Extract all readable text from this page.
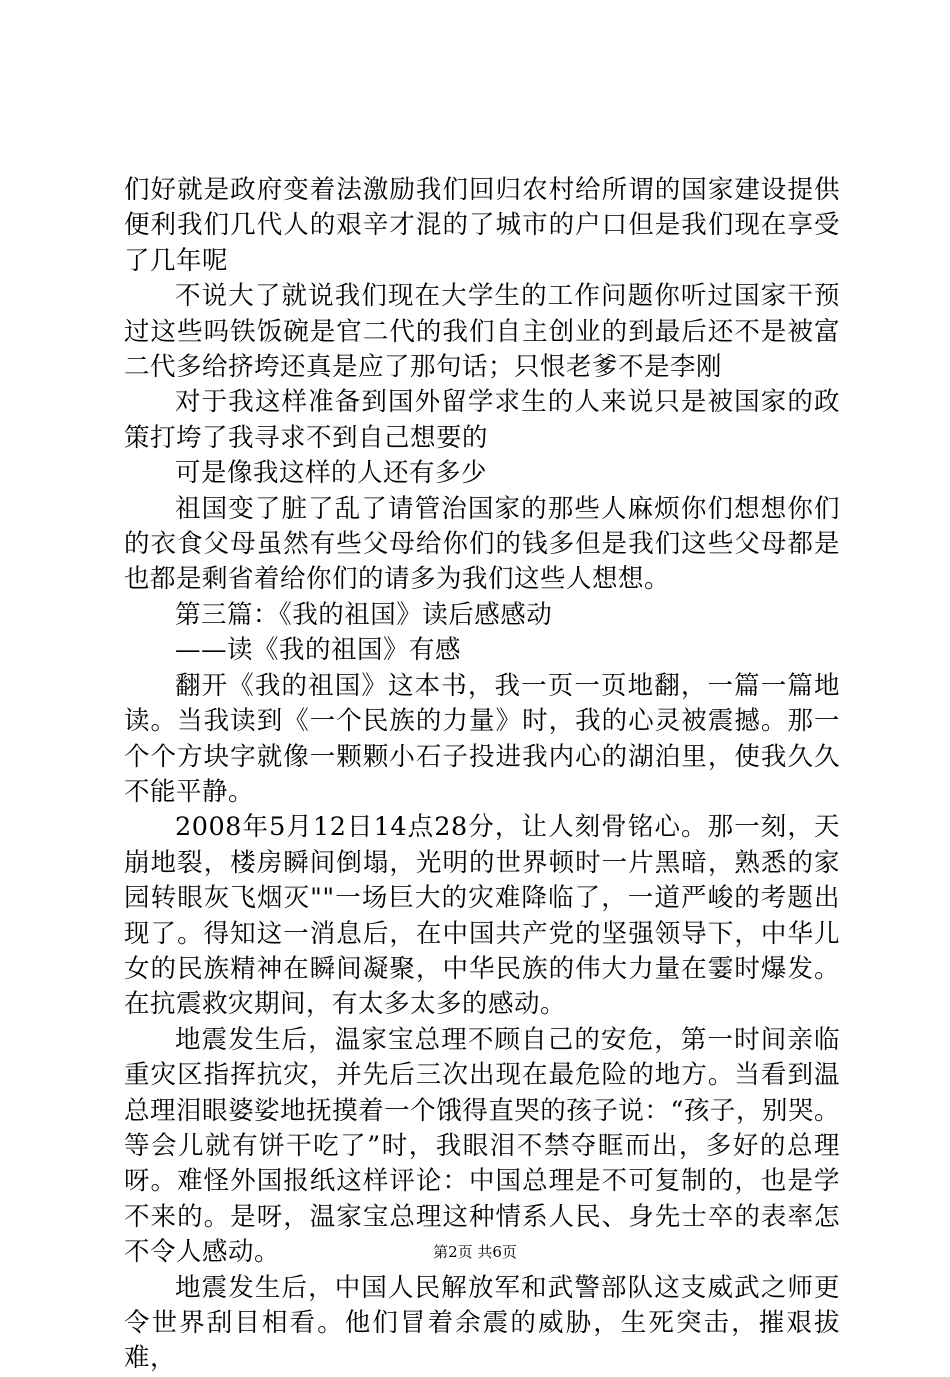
们好就是政府变着法激励我们回归农村给所谓的国家建设提供便利我们几代人的艰辛才混的了城市的户口但是我们现在享受了几年呢

不说大了就说我们现在大学生的工作问题你听过国家干预过这些吗铁饭碗是官二代的我们自主创业的到最后还不是被富二代多给挤垮还真是应了那句话；只恨老爹不是李刚

对于我这样准备到国外留学求生的人来说只是被国家的政策打垮了我寻求不到自己想要的

可是像我这样的人还有多少

祖国变了脏了乱了请管治国家的那些人麻烦你们想想你们的衣食父母虽然有些父母给你们的钱多但是我们这些父母都是也都是剩省着给你们的请多为我们这些人想想。

第三篇：《我的祖国》读后感感动

——读《我的祖国》有感

翻开《我的祖国》这本书，我一页一页地翻，一篇一篇地读。当我读到《一个民族的力量》时，我的心灵被震撼。那一个个方块字就像一颗颗小石子投进我内心的湖泊里，使我久久不能平静。

2008年5月12日14点28分，让人刻骨铭心。那一刻，天崩地裂，楼房瞬间倒塌，光明的世界顿时一片黑暗，熟悉的家园转眼灰飞烟灭""一场巨大的灾难降临了，一道严峻的考题出现了。得知这一消息后，在中国共产党的坚强领导下，中华儿女的民族精神在瞬间凝聚，中华民族的伟大力量在霎时爆发。在抗震救灾期间，有太多太多的感动。

地震发生后，温家宝总理不顾自己的安危，第一时间亲临重灾区指挥抗灾，并先后三次出现在最危险的地方。当看到温总理泪眼婆娑地抚摸着一个饿得直哭的孩子说：“孩子，别哭。等会儿就有饼干吃了”时，我眼泪不禁夺眶而出，多好的总理呀。难怪外国报纸这样评论：中国总理是不可复制的，也是学不来的。是呀，温家宝总理这种情系人民、身先士卒的表率怎不令人感动。

地震发生后，中国人民解放军和武警部队这支威武之师更令世界刮目相看。他们冒着余震的威胁，生死突击，摧艰拔难，

第2页 共6页
